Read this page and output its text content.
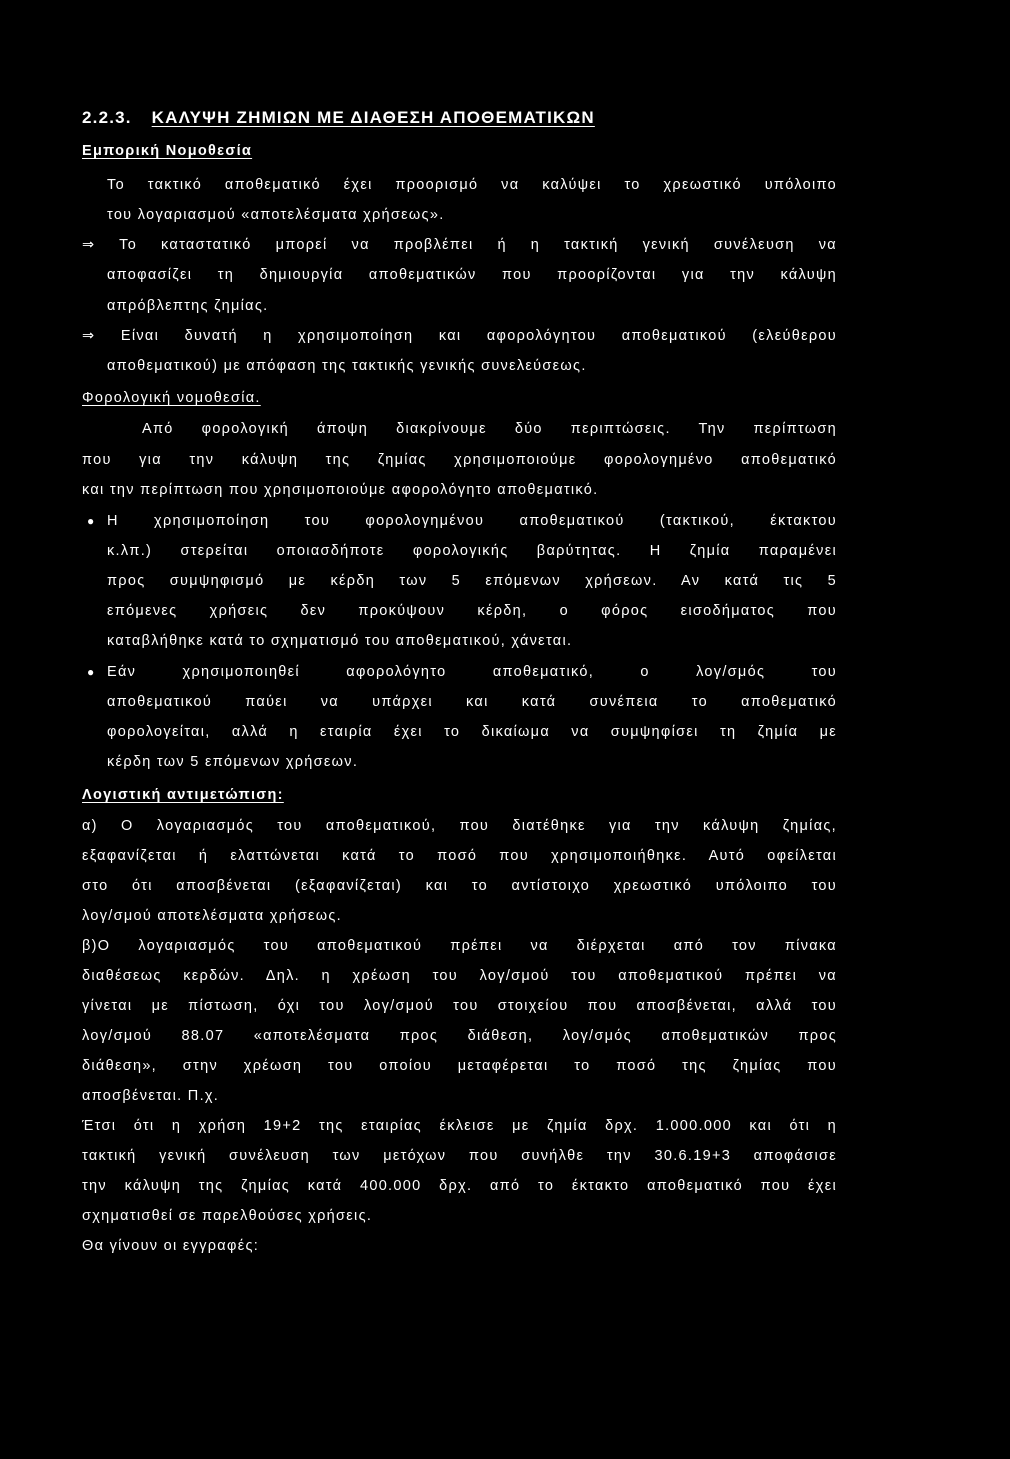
2.2.3. ΚΑΛΥΨΗ ΖΗΜΙΩΝ ΜΕ ΔΙΑΘΕΣΗ ΑΠΟΘΕΜΑΤΙΚΩΝ
Εμπορική Νομοθεσία
Το τακτικό αποθεματικό έχει προορισμό να καλύψει το χρεωστικό υπόλοιπο
του λογαριασμού «αποτελέσματα χρήσεως».
⇒ Το καταστατικό μπορεί να προβλέπει ή η τακτική γενική συνέλευση να
αποφασίζει τη δημιουργία αποθεματικών που προορίζονται για την κάλυψη
απρόβλεπτης ζημίας.
⇒ Είναι δυνατή η χρησιμοποίηση και αφορολόγητου αποθεματικού (ελεύθερου
αποθεματικού) με απόφαση της τακτικής γενικής συνελεύσεως.
Φορολογική νομοθεσία.
Από φορολογική άποψη διακρίνουμε δύο περιπτώσεις. Την περίπτωση
που για την κάλυψη της ζημίας χρησιμοποιούμε φορολογημένο αποθεματικό
και την περίπτωση που χρησιμοποιούμε αφορολόγητο αποθεματικό.
● Η χρησιμοποίηση του φορολογημένου αποθεματικού (τακτικού, έκτακτου
κ.λπ.) στερείται οποιασδήποτε φορολογικής βαρύτητας. Η ζημία παραμένει
προς συμψηφισμό με κέρδη των 5 επόμενων χρήσεων. Αν κατά τις 5
επόμενες χρήσεις δεν προκύψουν κέρδη, ο φόρος εισοδήματος που
καταβλήθηκε κατά το σχηματισμό του αποθεματικού, χάνεται.
● Εάν χρησιμοποιηθεί αφορολόγητο αποθεματικό, ο λογ/σμός του
αποθεματικού παύει να υπάρχει και κατά συνέπεια το αποθεματικό
φορολογείται, αλλά η εταιρία έχει το δικαίωμα να συμψηφίσει τη ζημία με
κέρδη των 5 επόμενων χρήσεων.
Λογιστική αντιμετώπιση:
α) Ο λογαριασμός του αποθεματικού, που διατέθηκε για την κάλυψη ζημίας,
εξαφανίζεται ή ελαττώνεται κατά το ποσό που χρησιμοποιήθηκε. Αυτό οφείλεται
στο ότι αποσβένεται (εξαφανίζεται) και το αντίστοιχο χρεωστικό υπόλοιπο του
λογ/σμού αποτελέσματα χρήσεως.
β)Ο λογαριασμός του αποθεματικού πρέπει να διέρχεται από τον πίνακα
διαθέσεως κερδών. Δηλ. η χρέωση του λογ/σμού του αποθεματικού πρέπει να
γίνεται με πίστωση, όχι του λογ/σμού του στοιχείου που αποσβένεται, αλλά του
λογ/σμού 88.07 «αποτελέσματα προς διάθεση, λογ/σμός αποθεματικών προς
διάθεση», στην χρέωση του οποίου μεταφέρεται το ποσό της ζημίας που
αποσβένεται. Π.χ.
Έτσι ότι η χρήση 19+2 της εταιρίας έκλεισε με ζημία δρχ. 1.000.000 και ότι η
τακτική γενική συνέλευση των μετόχων που συνήλθε την 30.6.19+3 αποφάσισε
την κάλυψη της ζημίας κατά 400.000 δρχ. από το έκτακτο αποθεματικό που έχει
σχηματισθεί σε παρελθούσες χρήσεις.
Θα γίνουν οι εγγραφές:
